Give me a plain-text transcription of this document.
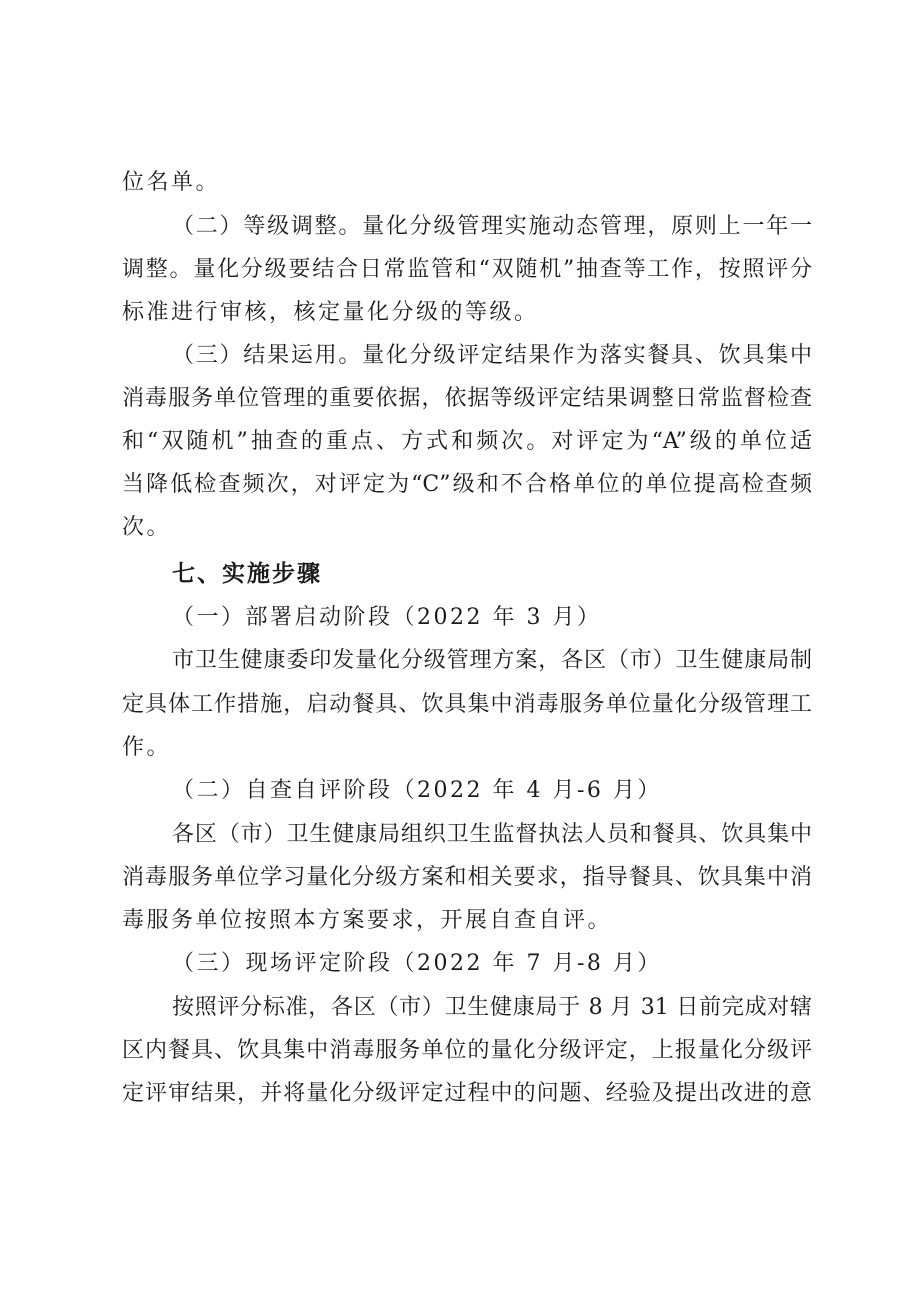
位名单。
（二）等级调整。量化分级管理实施动态管理，原则上一年一
调整。量化分级要结合日常监管和“双随机”抽查等工作，按照评分
标准进行审核，核定量化分级的等级。
（三）结果运用。量化分级评定结果作为落实餐具、饮具集中
消毒服务单位管理的重要依据，依据等级评定结果调整日常监督检查
和“双随机”抽查的重点、方式和频次。对评定为“A”级的单位适
当降低检查频次，对评定为“C”级和不合格单位的单位提高检查频
次。
七、实施步骤
（一）部署启动阶段（2022 年 3 月）
市卫生健康委印发量化分级管理方案，各区（市）卫生健康局制
定具体工作措施，启动餐具、饮具集中消毒服务单位量化分级管理工
作。
（二）自查自评阶段（2022 年 4 月-6 月）
各区（市）卫生健康局组织卫生监督执法人员和餐具、饮具集中
消毒服务单位学习量化分级方案和相关要求，指导餐具、饮具集中消
毒服务单位按照本方案要求，开展自查自评。
（三）现场评定阶段（2022 年 7 月-8 月）
按照评分标准，各区（市）卫生健康局于 8 月 31 日前完成对辖
区内餐具、饮具集中消毒服务单位的量化分级评定，上报量化分级评
定评审结果，并将量化分级评定过程中的问题、经验及提出改进的意
